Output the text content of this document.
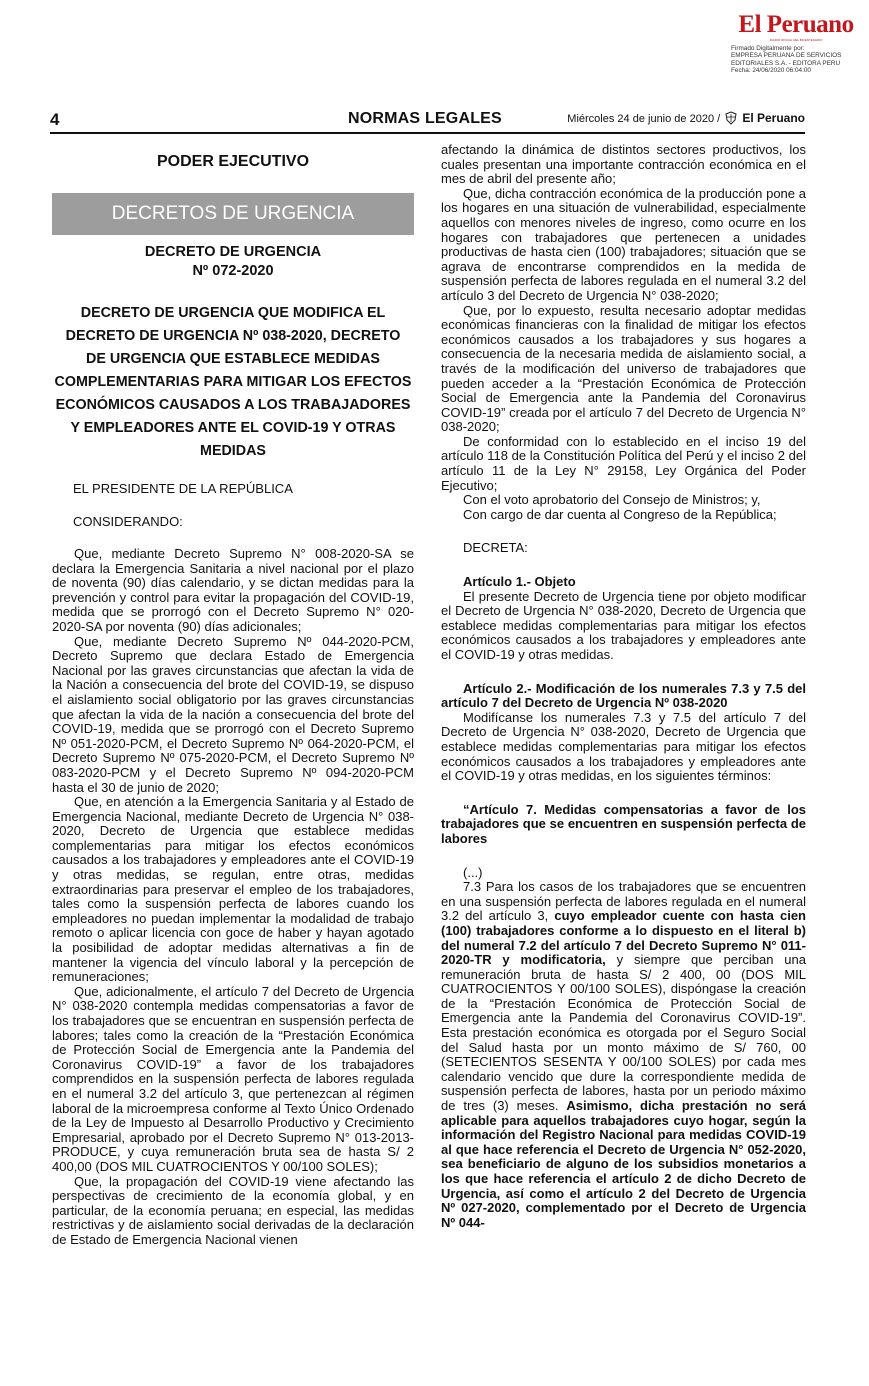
El Peruano
DIARIO OFICIAL DEL BICENTENARIO
Firmado Digitalmente por:
EMPRESA PERUANA DE SERVICIOS
EDITORIALES S.A. - EDITORA PERU
Fecha: 24/06/2020 06:04:00
4	NORMAS LEGALES	Miércoles 24 de junio de 2020 / El Peruano
PODER EJECUTIVO
DECRETOS DE URGENCIA
DECRETO DE URGENCIA
Nº 072-2020
DECRETO DE URGENCIA QUE MODIFICA EL DECRETO DE URGENCIA Nº 038-2020, DECRETO DE URGENCIA QUE ESTABLECE MEDIDAS COMPLEMENTARIAS PARA MITIGAR LOS EFECTOS ECONÓMICOS CAUSADOS A LOS TRABAJADORES Y EMPLEADORES ANTE EL COVID-19 Y OTRAS MEDIDAS

EL PRESIDENTE DE LA REPÚBLICA

CONSIDERANDO:

Que, mediante Decreto Supremo N° 008-2020-SA se declara la Emergencia Sanitaria a nivel nacional por el plazo de noventa (90) días calendario, y se dictan medidas para la prevención y control para evitar la propagación del COVID-19, medida que se prorrogó con el Decreto Supremo N° 020-2020-SA por noventa (90) días adicionales;

Que, mediante Decreto Supremo Nº 044-2020-PCM, Decreto Supremo que declara Estado de Emergencia Nacional por las graves circunstancias que afectan la vida de la Nación a consecuencia del brote del COVID-19, se dispuso el aislamiento social obligatorio por las graves circunstancias que afectan la vida de la nación a consecuencia del brote del COVID-19, medida que se prorrogó con el Decreto Supremo Nº 051-2020-PCM, el Decreto Supremo Nº 064-2020-PCM, el Decreto Supremo Nº 075-2020-PCM, el Decreto Supremo Nº 083-2020-PCM y el Decreto Supremo Nº 094-2020-PCM hasta el 30 de junio de 2020;

Que, en atención a la Emergencia Sanitaria y al Estado de Emergencia Nacional, mediante Decreto de Urgencia N° 038-2020, Decreto de Urgencia que establece medidas complementarias para mitigar los efectos económicos causados a los trabajadores y empleadores ante el COVID-19 y otras medidas, se regulan, entre otras, medidas extraordinarias para preservar el empleo de los trabajadores, tales como la suspensión perfecta de labores cuando los empleadores no puedan implementar la modalidad de trabajo remoto o aplicar licencia con goce de haber y hayan agotado la posibilidad de adoptar medidas alternativas a fin de mantener la vigencia del vínculo laboral y la percepción de remuneraciones;

Que, adicionalmente, el artículo 7 del Decreto de Urgencia N° 038-2020 contempla medidas compensatorias a favor de los trabajadores que se encuentran en suspensión perfecta de labores; tales como la creación de la “Prestación Económica de Protección Social de Emergencia ante la Pandemia del Coronavirus COVID-19” a favor de los trabajadores comprendidos en la suspensión perfecta de labores regulada en el numeral 3.2 del artículo 3, que pertenezcan al régimen laboral de la microempresa conforme al Texto Único Ordenado de la Ley de Impuesto al Desarrollo Productivo y Crecimiento Empresarial, aprobado por el Decreto Supremo N° 013-2013-PRODUCE, y cuya remuneración bruta sea de hasta S/ 2 400,00 (DOS MIL CUATROCIENTOS Y 00/100 SOLES);

Que, la propagación del COVID-19 viene afectando las perspectivas de crecimiento de la economía global, y en particular, de la economía peruana; en especial, las medidas restrictivas y de aislamiento social derivadas de la declaración de Estado de Emergencia Nacional vienen

afectando la dinámica de distintos sectores productivos, los cuales presentan una importante contracción económica en el mes de abril del presente año;

Que, dicha contracción económica de la producción pone a los hogares en una situación de vulnerabilidad, especialmente aquellos con menores niveles de ingreso, como ocurre en los hogares con trabajadores que pertenecen a unidades productivas de hasta cien (100) trabajadores; situación que se agrava de encontrarse comprendidos en la medida de suspensión perfecta de labores regulada en el numeral 3.2 del artículo 3 del Decreto de Urgencia N° 038-2020;

Que, por lo expuesto, resulta necesario adoptar medidas económicas financieras con la finalidad de mitigar los efectos económicos causados a los trabajadores y sus hogares a consecuencia de la necesaria medida de aislamiento social, a través de la modificación del universo de trabajadores que pueden acceder a la “Prestación Económica de Protección Social de Emergencia ante la Pandemia del Coronavirus COVID-19” creada por el artículo 7 del Decreto de Urgencia N° 038-2020;

De conformidad con lo establecido en el inciso 19 del artículo 118 de la Constitución Política del Perú y el inciso 2 del artículo 11 de la Ley N° 29158, Ley Orgánica del Poder Ejecutivo;

Con el voto aprobatorio del Consejo de Ministros; y,

Con cargo de dar cuenta al Congreso de la República;

DECRETA:

Artículo 1.- Objeto

El presente Decreto de Urgencia tiene por objeto modificar el Decreto de Urgencia N° 038-2020, Decreto de Urgencia que establece medidas complementarias para mitigar los efectos económicos causados a los trabajadores y empleadores ante el COVID-19 y otras medidas.

Artículo 2.- Modificación de los numerales 7.3 y 7.5 del artículo 7 del Decreto de Urgencia Nº 038-2020

Modifícanse los numerales 7.3 y 7.5 del artículo 7 del Decreto de Urgencia N° 038-2020, Decreto de Urgencia que establece medidas complementarias para mitigar los efectos económicos causados a los trabajadores y empleadores ante el COVID-19 y otras medidas, en los siguientes términos:

“Artículo 7. Medidas compensatorias a favor de los trabajadores que se encuentren en suspensión perfecta de labores

(...)

7.3 Para los casos de los trabajadores que se encuentren en una suspensión perfecta de labores regulada en el numeral 3.2 del artículo 3, cuyo empleador cuente con hasta cien (100) trabajadores conforme a lo dispuesto en el literal b) del numeral 7.2 del artículo 7 del Decreto Supremo N° 011-2020-TR y modificatoria, y siempre que perciban una remuneración bruta de hasta S/ 2 400, 00 (DOS MIL CUATROCIENTOS Y 00/100 SOLES), dispóngase la creación de la “Prestación Económica de Protección Social de Emergencia ante la Pandemia del Coronavirus COVID-19”. Esta prestación económica es otorgada por el Seguro Social del Salud hasta por un monto máximo de S/ 760, 00 (SETECIENTOS SESENTA Y 00/100 SOLES) por cada mes calendario vencido que dure la correspondiente medida de suspensión perfecta de labores, hasta por un periodo máximo de tres (3) meses. Asimismo, dicha prestación no será aplicable para aquellos trabajadores cuyo hogar, según la información del Registro Nacional para medidas COVID-19 al que hace referencia el Decreto de Urgencia N° 052-2020, sea beneficiario de alguno de los subsidios monetarios a los que hace referencia el artículo 2 de dicho Decreto de Urgencia, así como el artículo 2 del Decreto de Urgencia Nº 027-2020, complementado por el Decreto de Urgencia Nº 044-
